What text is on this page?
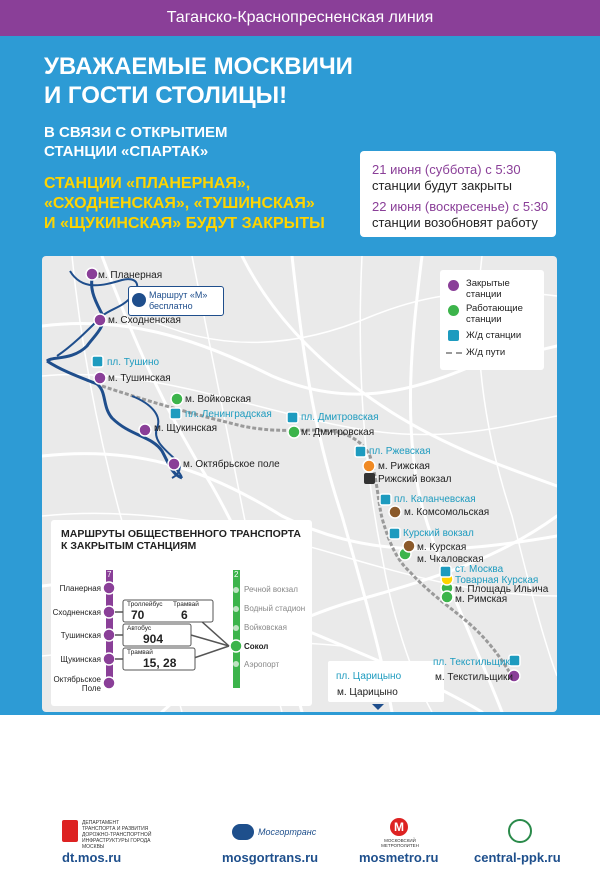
Таганско-Краснопресненская линия
УВАЖАЕМЫЕ МОСКВИЧИ
И ГОСТИ СТОЛИЦЫ!
В СВЯЗИ С ОТКРЫТИЕМ
СТАНЦИИ «СПАРТАК»
СТАНЦИИ «ПЛАНЕРНАЯ»,
«СХОДНЕНСКАЯ», «ТУШИНСКАЯ»
И «ЩУКИНСКАЯ» БУДУТ ЗАКРЫТЫ
21 июня (суббота) с 5:30
станции будут закрыты
22 июня (воскресенье) с 5:30
станции возобновят работу
м. Планерная
Маршрут «М» бесплатно
м. Сходненская
пл. Тушино
м. Тушинская
м. Войковская
пл. Ленинградская
м. Щукинская
м. Октябрьское поле
пл. Дмитровская
м. Дмитровская
пл. Ржевская
м. Рижская
Рижский вокзал
пл. Каланчевская
м. Комсомольская
Курский вокзал
м. Курская
м. Чкаловская
ст. Москва Товарная Курская
м. Площадь Ильича
м. Римская
пл. Текстильщики
м. Текстильщики
пл. Царицыно
м. Царицыно
Закрытые станции
Работающие станции
Ж/д станции
Ж/д пути
МАРШРУТЫ ОБЩЕСТВЕННОГО ТРАНСПОРТА
К ЗАКРЫТЫМ СТАНЦИЯМ
7	2
Планерная
Сходненская
Тушинская
Щукинская
Октябрьское Поле
Речной вокзал
Водный стадион
Войковская
Сокол
Аэропорт
Троллейбус
70
Трамвай
6
Автобус
904
Трамвай
15, 28
Открытие новой станции позволит сделать метрополитен более удобным
и доступным. Приносим извинения за доставленные неудобства.
Телефон горячей линии метрополитена: 8 (499) 787-25-86 (круглосуточно)
ДЕПАРТАМЕНТ ТРАНСПОРТА И РАЗВИТИЯ ДОРОЖНО-ТРАНСПОРТНОЙ ИНФРАСТРУКТУРЫ ГОРОДА МОСКВЫ
Мосгортранс	M
МОСКОВСКИЙ МЕТРОПОЛИТЕН
dt.mos.ru	mosgortrans.ru	mosmetro.ru	central-ppk.ru
